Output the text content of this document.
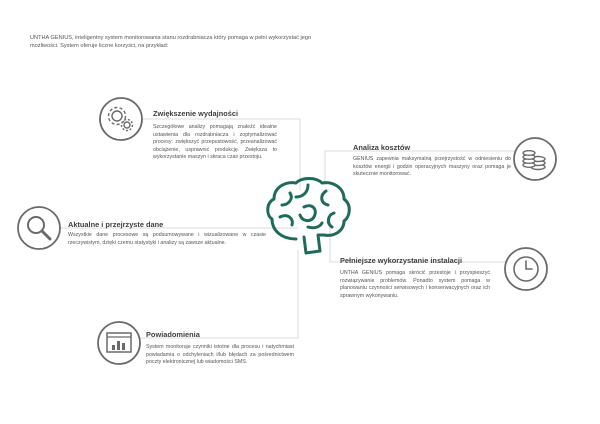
UNTHA GENIUS, inteligentny system monitorowania stanu rozdrabniacza który pomaga w pełni wykorzystać jego możliwości. System oferuje liczne korzyści, na przykład:
Zwiększenie wydajności
Szczegółowe analizy pomagają znaleźć idealne ustawienia dla rozdrabniacza i zoptymalizować procesy: zwiększyć przepustowość, przeanalizować obciążenie, usprawnić produkcję. Zwiększa to wykorzystanie maszyn i skraca czas przestoju.
Analiza kosztów
GENIUS zapewnia maksymalną przejrzystość w odniesieniu do kosztów energii i godzin operacyjnych maszyny oraz pomaga je skutecznie monitorować.
Aktualne i przejrzyste dane
Wszystkie dane procesowe są podsumowywane i wizualizowane w czasie rzeczywistym, dzięki czemu statystyki i analizy są zawsze aktualne.
Pełniejsze wykorzystanie instalacji
UNTHA GENIUS pomaga skrócić przestoje i przyspieszyć rozwiązywanie problemów. Ponadto system pomaga w planowaniu czynności serwisowych i konserwacyjnych oraz ich sprawnym wykonywaniu.
Powiadomienia
System monitoruje czynniki istotne dla procesu i natychmiast powiadamia o odchyleniach i/lub błędach za pośrednictwem poczty elektronicznej lub wiadomości SMS.
